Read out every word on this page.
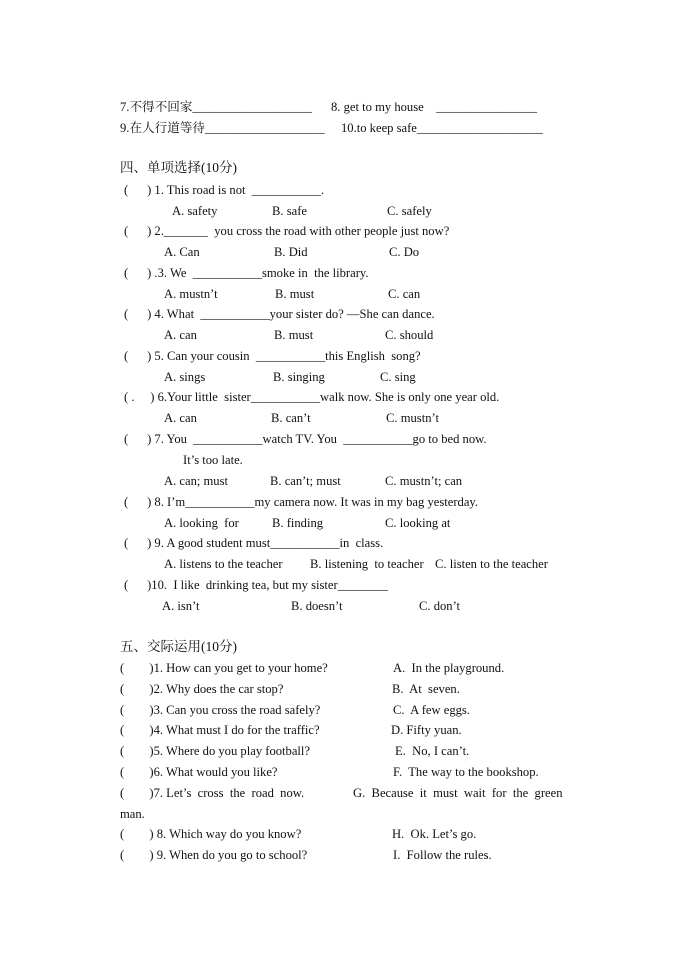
7.不得不回家___________________ 8. get to my house    ________________
9.在人行道等待___________________ 10.to keep safe____________________
四、单项选择(10分)
(      ) 1. This road is not  ___________.
A. safety	B. safe	C. safely
(      ) 2._______  you cross the road with other people just now?
A. Can	B. Did	C. Do
(      ) .3. We  ___________smoke in  the library.
A. mustn’t	B. must	C. can
(      ) 4. What  ___________your sister do? —She can dance.
A. can	B. must	C. should
(      ) 5. Can your cousin  ___________this English  song?
A. sings	B. singing	C. sing
( .     ) 6.Your little  sister___________walk now. She is only one year old.
A. can	B. can’t	C. mustn’t
(      ) 7. You  ___________watch TV. You  ___________go to bed now.
It’s too late.
A. can; must	B. can’t; must	C. mustn’t; can
(      ) 8. I’m___________my camera now. It was in my bag yesterday.
A. looking  for	B. finding	C. looking at
(      ) 9. A good student must___________in  class.
A. listens to the teacher B. listening  to teacher C. listen to the teacher
(      )10.  I like  drinking tea, but my sister________
A. isn’t	B. doesn’t	C. don’t
五、交际运用(10分)
(        )1. How can you get to your home?	A.  In the playground.
(        )2. Why does the car stop?	B.  At  seven.
(        )3. Can you cross the road safely?	C.  A few eggs.
(        )4. What must I do for the traffic?	D. Fifty yuan.
(        )5. Where do you play football?	E.  No, I can’t.
(        )6. What would you like?	F.  The way to the bookshop.
(        )7. Let’s  cross  the  road  now.	G.  Because  it  must  wait  for  the  green
man.
(        ) 8. Which way do you know?	H.  Ok. Let’s go.
(        ) 9. When do you go to school?	I.  Follow the rules.
